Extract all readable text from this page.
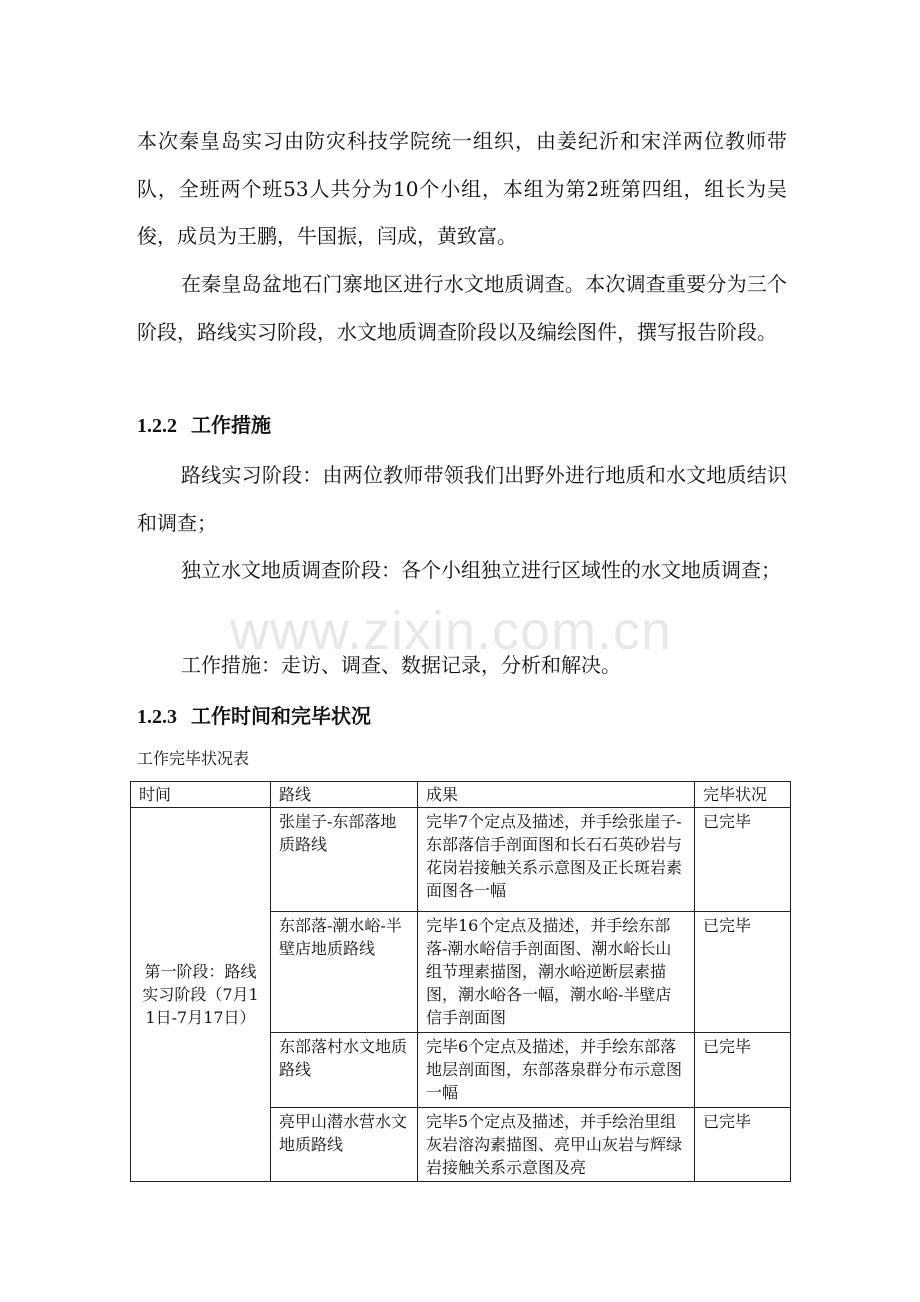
本次秦皇岛实习由防灾科技学院统一组织，由姜纪沂和宋洋两位教师带队，全班两个班53人共分为10个小组，本组为第2班第四组，组长为吴俊，成员为王鹏，牛国振，闫成，黄致富。

在秦皇岛盆地石门寨地区进行水文地质调查。本次调查重要分为三个阶段，路线实习阶段，水文地质调查阶段以及编绘图件，撰写报告阶段。

1.2.2 工作措施

路线实习阶段：由两位教师带领我们出野外进行地质和水文地质结识和调查；

独立水文地质调查阶段：各个小组独立进行区域性的水文地质调查；

工作措施：走访、调查、数据记录，分析和解决。

1.2.3 工作时间和完毕状况

工作完毕状况表

www.zixin.com.cn
时间	路线	成果	完毕状况
第一阶段：路线实习阶段（7月11日-7月17日）	张崖子-东部落地质路线	完毕7个定点及描述，并手绘张崖子-东部落信手剖面图和长石石英砂岩与花岗岩接触关系示意图及正长斑岩素面图各一幅	已完毕
	东部落-潮水峪-半壁店地质路线	完毕16个定点及描述，并手绘东部落-潮水峪信手剖面图、潮水峪长山组节理素描图，潮水峪逆断层素描图，潮水峪各一幅，潮水峪-半壁店信手剖面图	已完毕
	东部落村水文地质路线	完毕6个定点及描述，并手绘东部落地层剖面图，东部落泉群分布示意图一幅	已完毕
	亮甲山潜水营水文地质路线	完毕5个定点及描述，并手绘治里组灰岩溶沟素描图、亮甲山灰岩与辉绿岩接触关系示意图及亮	已完毕
